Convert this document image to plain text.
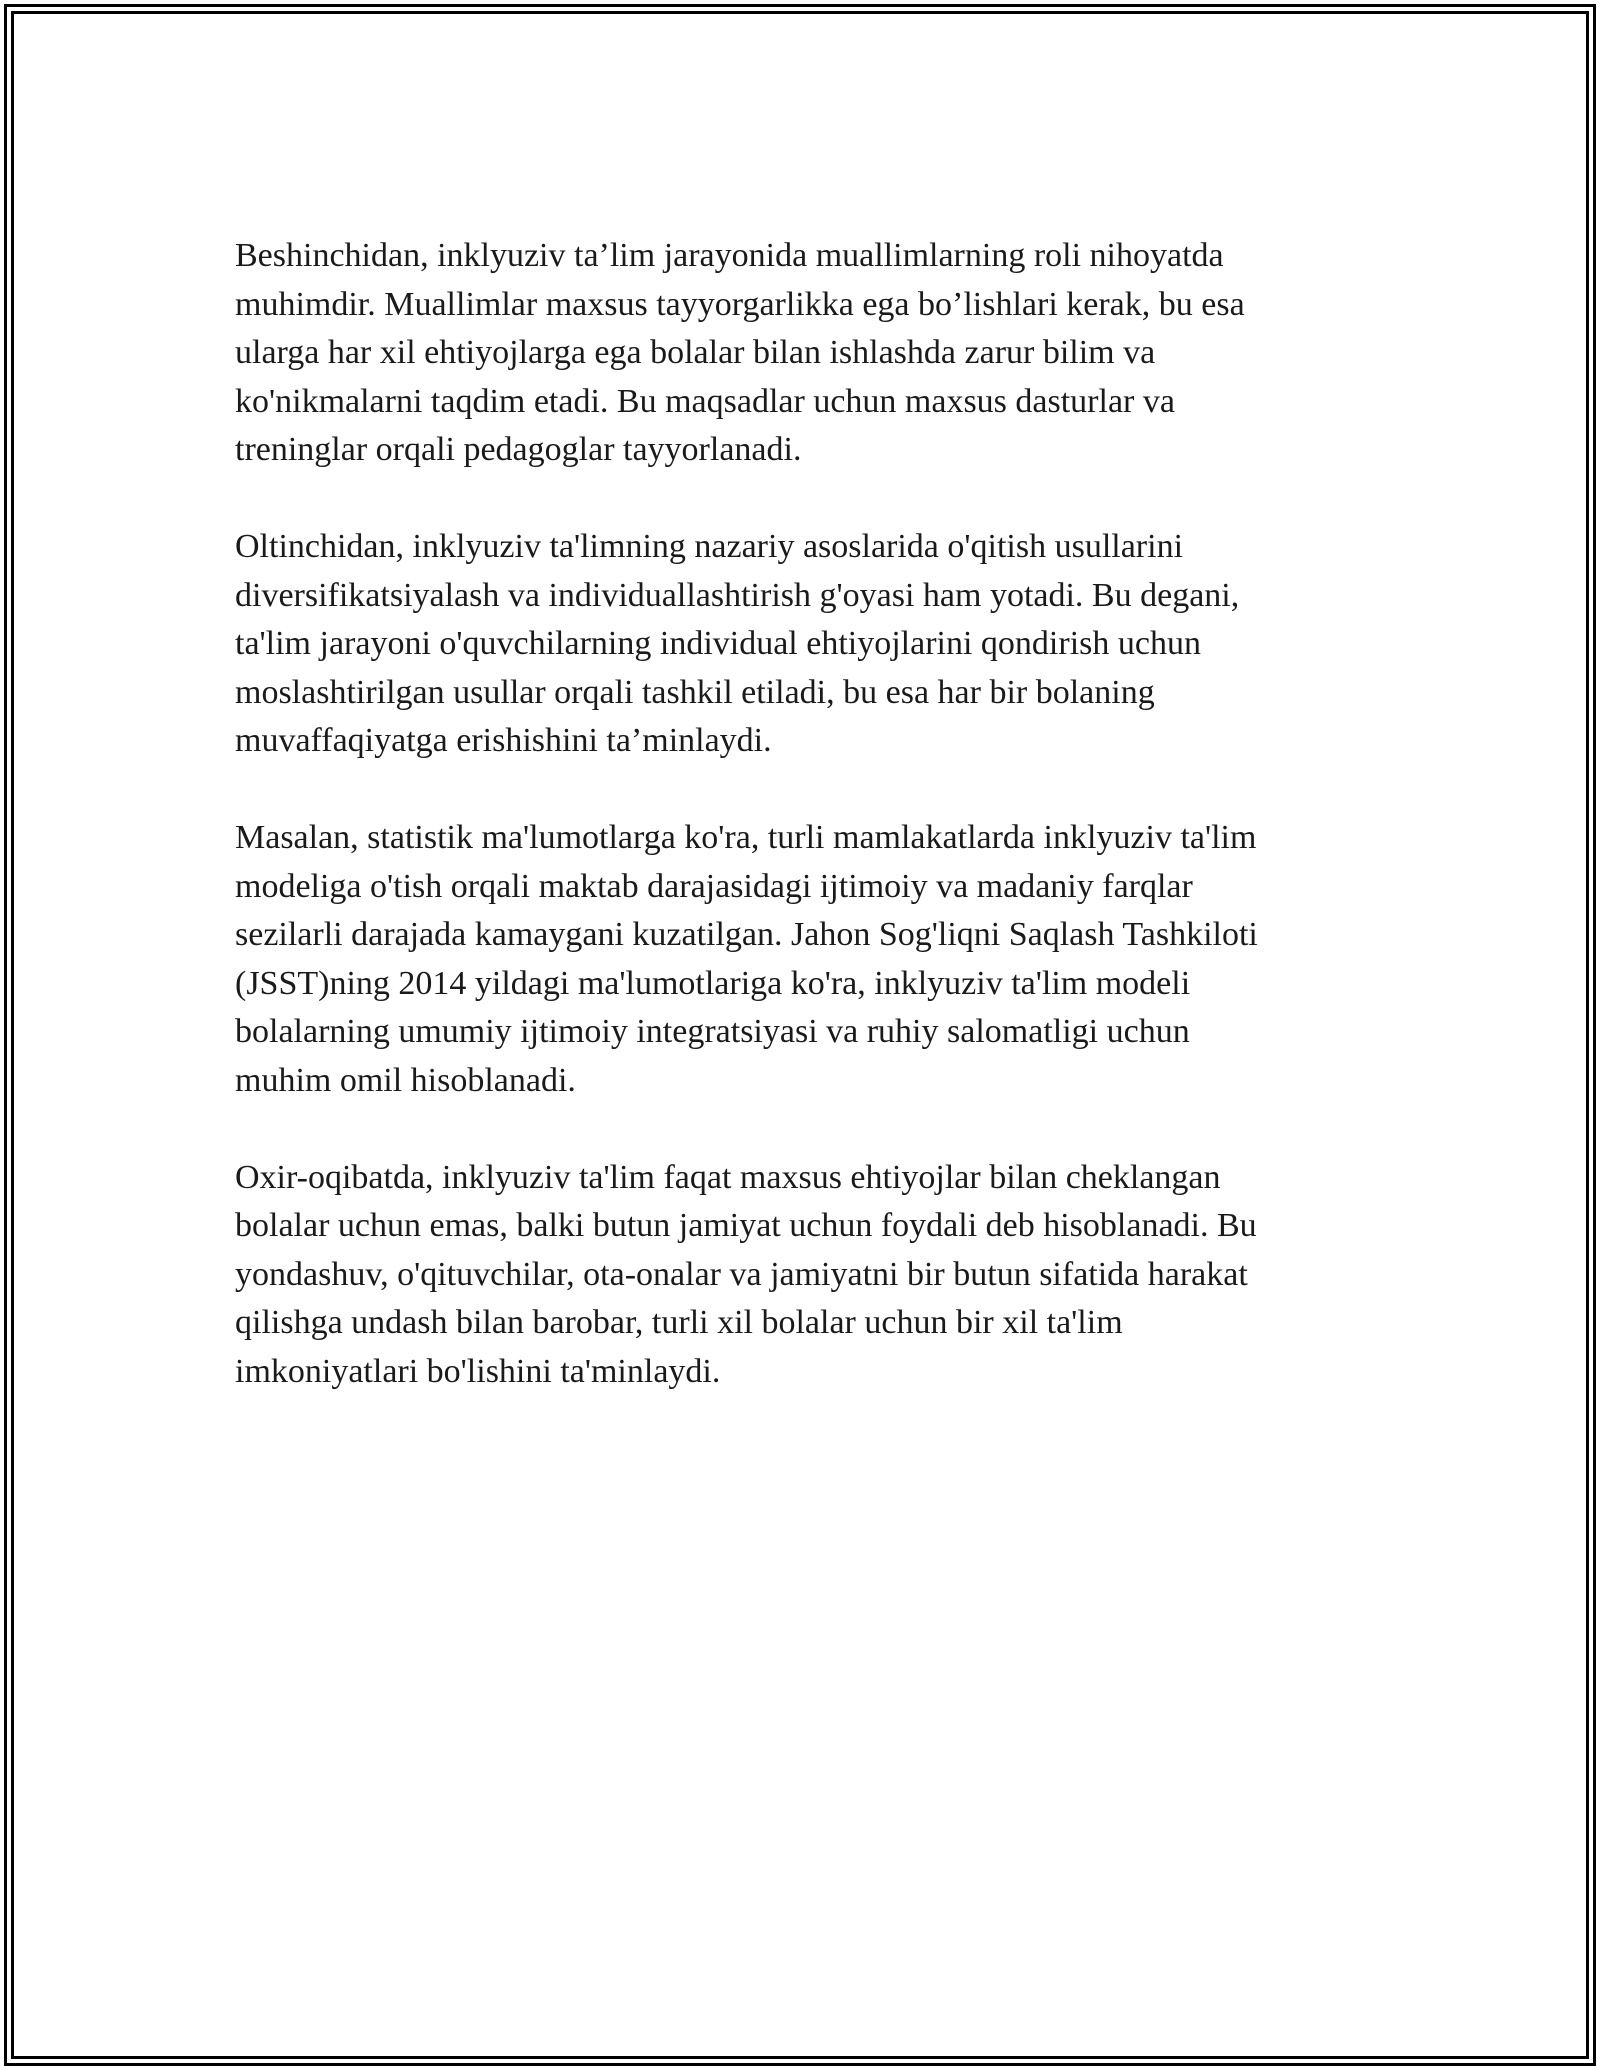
Beshinchidan, inklyuziv ta’lim jarayonida muallimlarning roli nihoyatda
muhimdir. Muallimlar maxsus tayyorgarlikka ega bo’lishlari kerak, bu esa
ularga har xil ehtiyojlarga ega bolalar bilan ishlashda zarur bilim va
ko'nikmalarni taqdim etadi. Bu maqsadlar uchun maxsus dasturlar va
treninglar orqali pedagoglar tayyorlanadi.

Oltinchidan, inklyuziv ta'limning nazariy asoslarida o'qitish usullarini
diversifikatsiyalash va individuallashtirish g'oyasi ham yotadi. Bu degani,
ta'lim jarayoni o'quvchilarning individual ehtiyojlarini qondirish uchun
moslashtirilgan usullar orqali tashkil etiladi, bu esa har bir bolaning
muvaffaqiyatga erishishini ta’minlaydi.

Masalan, statistik ma'lumotlarga ko'ra, turli mamlakatlarda inklyuziv ta'lim
modeliga o'tish orqali maktab darajasidagi ijtimoiy va madaniy farqlar
sezilarli darajada kamaygani kuzatilgan. Jahon Sog'liqni Saqlash Tashkiloti
(JSST)ning 2014 yildagi ma'lumotlariga ko'ra, inklyuziv ta'lim modeli
bolalarning umumiy ijtimoiy integratsiyasi va ruhiy salomatligi uchun
muhim omil hisoblanadi.

Oxir-oqibatda, inklyuziv ta'lim faqat maxsus ehtiyojlar bilan cheklangan
bolalar uchun emas, balki butun jamiyat uchun foydali deb hisoblanadi. Bu
yondashuv, o'qituvchilar, ota-onalar va jamiyatni bir butun sifatida harakat
qilishga undash bilan barobar, turli xil bolalar uchun bir xil ta'lim
imkoniyatlari bo'lishini ta'minlaydi.
